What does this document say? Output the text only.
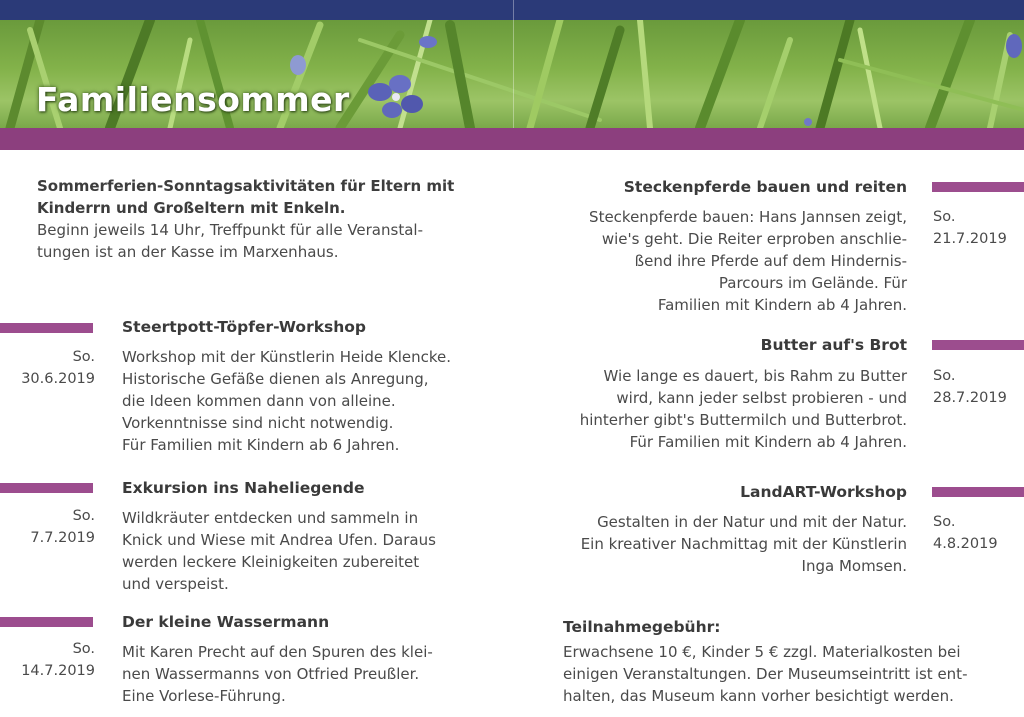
Familiensommer

Sommerferien-Sonntagsaktivitäten für Eltern mit

Kinderrn und Großeltern mit Enkeln.

Beginn jeweils 14 Uhr, Treffpunkt für alle Veranstal-

tungen ist an der Kasse im Marxenhaus.

Steertpott-Töpfer-Workshop

So.

30.6.2019

Workshop mit der Künstlerin Heide Klencke.

Historische Gefäße dienen als Anregung,

die Ideen kommen dann von alleine.

Vorkenntnisse sind nicht notwendig.

Für Familien mit Kindern ab 6 Jahren.

Exkursion ins Naheliegende

So.

7.7.2019

Wildkräuter entdecken und sammeln in

Knick und Wiese mit Andrea Ufen. Daraus

werden leckere Kleinigkeiten zubereitet

und verspeist.

Der kleine Wassermann

So.

14.7.2019

Mit Karen Precht auf den Spuren des klei-

nen Wassermanns von Otfried Preußler.

Eine Vorlese-Führung.

Steckenpferde bauen und reiten

Steckenpferde bauen: Hans Jannsen zeigt,

wie's geht. Die Reiter erproben anschlie-

ßend ihre Pferde auf dem Hindernis-

Parcours im Gelände. Für

Familien mit Kindern ab 4 Jahren.

So.

21.7.2019

Butter auf's Brot

Wie lange es dauert, bis Rahm zu Butter

wird, kann jeder selbst probieren - und

hinterher gibt's Buttermilch und Butterbrot.

Für Familien mit Kindern ab 4 Jahren.

So.

28.7.2019

LandART-Workshop

Gestalten in der Natur und mit der Natur.

Ein kreativer Nachmittag mit der Künstlerin

Inga Momsen.

So.

4.8.2019

Teilnahmegebühr:

Erwachsene 10 €, Kinder 5 € zzgl. Materialkosten bei

einigen Veranstaltungen. Der Museumseintritt ist ent-

halten, das Museum kann vorher besichtigt werden.
